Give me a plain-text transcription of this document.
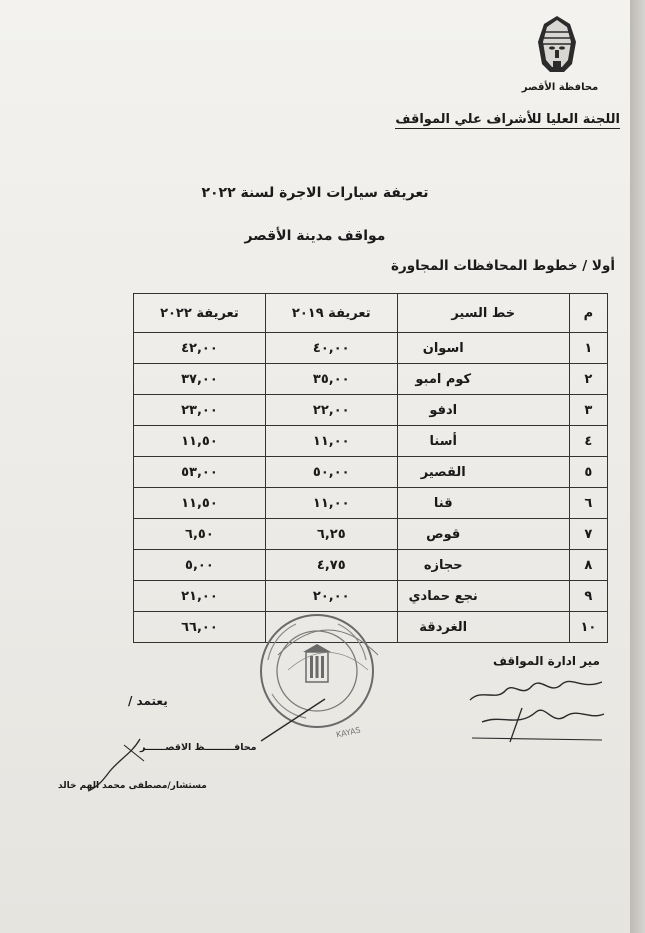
محافظة الأقصر
اللجنة العليا للأشراف علي المواقف
تعريفة سيارات الاجرة لسنة ٢٠٢٢
مواقف مدينة الأقصر
أولا / خطوط المحافظات المجاورة
م	خط السير	تعريفة ٢٠١٩	تعريفة ٢٠٢٢
١	اسوان	٤٠,٠٠	٤٢,٠٠
٢	كوم امبو	٣٥,٠٠	٣٧,٠٠
٣	ادفو	٢٢,٠٠	٢٣,٠٠
٤	أسنا	١١,٠٠	١١,٥٠
٥	القصير	٥٠,٠٠	٥٣,٠٠
٦	قنا	١١,٠٠	١١,٥٠
٧	قوص	٦,٢٥	٦,٥٠
٨	حجازه	٤,٧٥	٥,٠٠
٩	نجع حمادي	٢٠,٠٠	٢١,٠٠
١٠	الغردقة		٦٦,٠٠
KAYAS
مير ادارة المواقف
يعتمد /
محافـــــــــظ الاقصــــــر
مستشار/مصطفى محمد الهم خالد
